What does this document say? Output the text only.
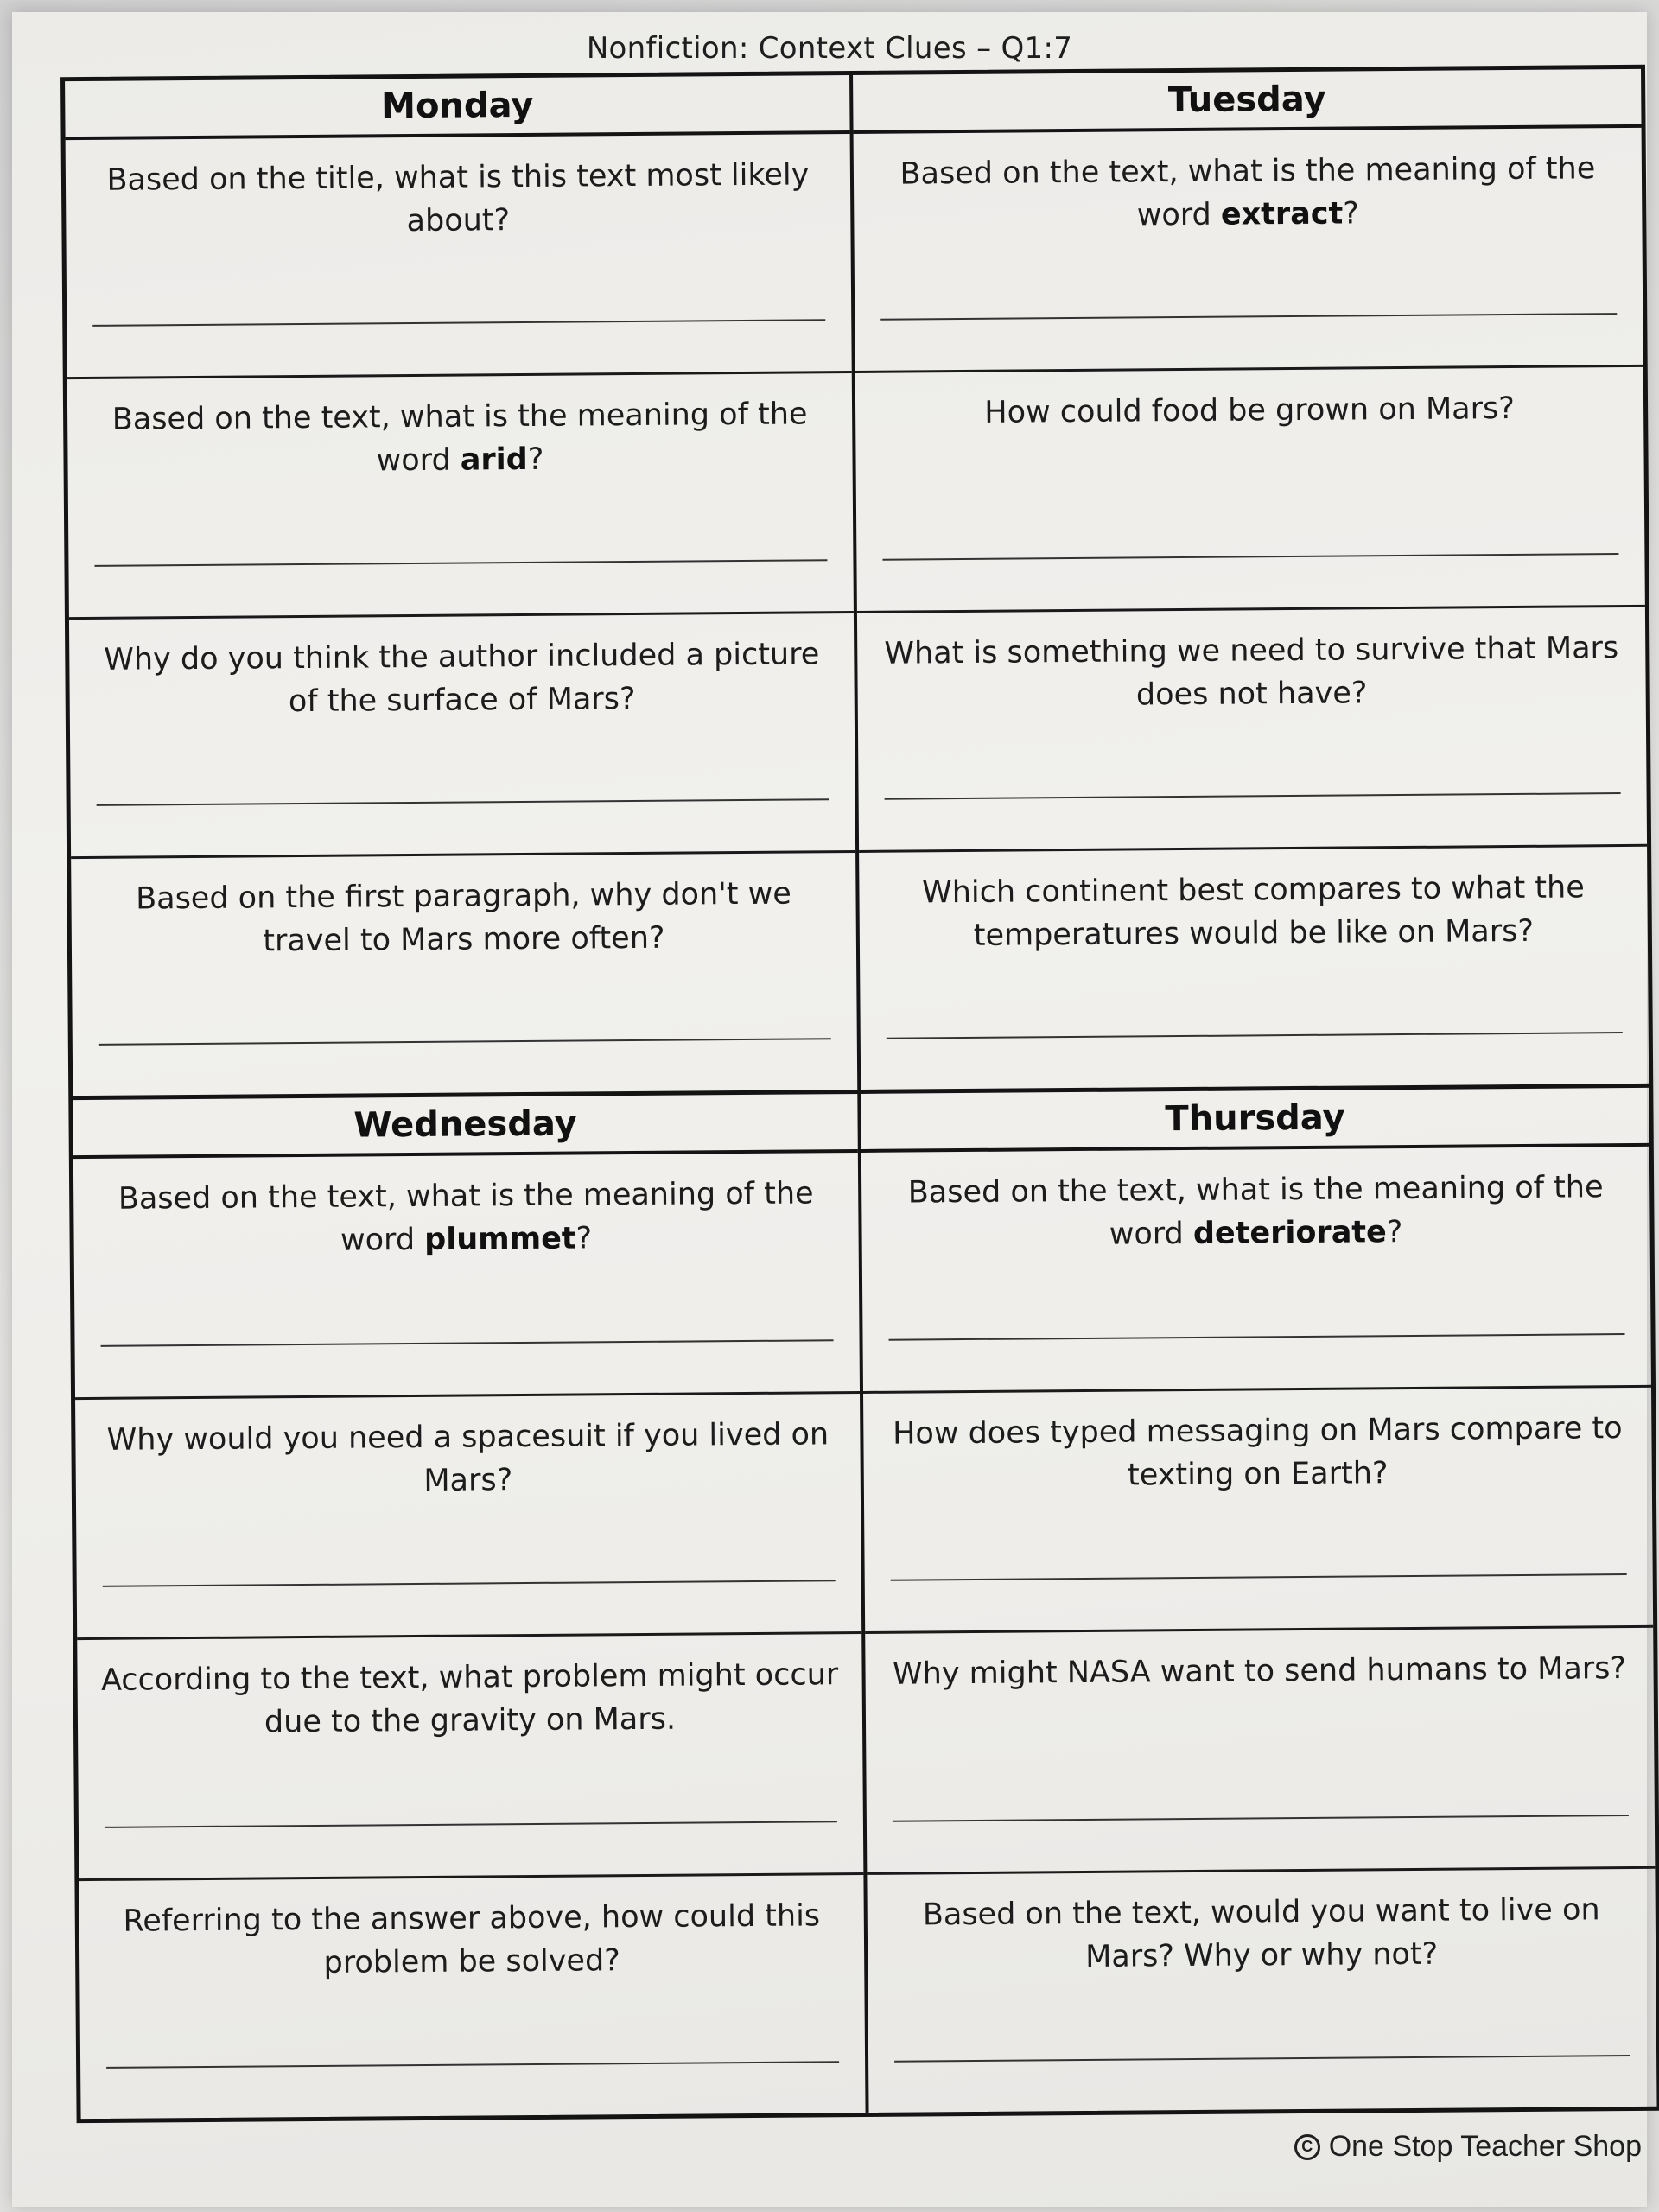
Nonfiction: Context Clues – Q1:7
Monday
Based on the title, what is this text most likely about?
Based on the text, what is the meaning of the word arid?
Why do you think the author included a picture of the surface of Mars?
Based on the first paragraph, why don't we travel to Mars more often?
Tuesday
Based on the text, what is the meaning of the word extract?
How could food be grown on Mars?
What is something we need to survive that Mars does not have?
Which continent best compares to what the temperatures would be like on Mars?
Wednesday
Based on the text, what is the meaning of the word plummet?
Why would you need a spacesuit if you lived on Mars?
According to the text, what problem might occur due to the gravity on Mars.
Referring to the answer above, how could this problem be solved?
Thursday
Based on the text, what is the meaning of the word deteriorate?
How does typed messaging on Mars compare to texting on Earth?
Why might NASA want to send humans to Mars?
Based on the text, would you want to live on Mars? Why or why not?
C One Stop Teacher Shop
